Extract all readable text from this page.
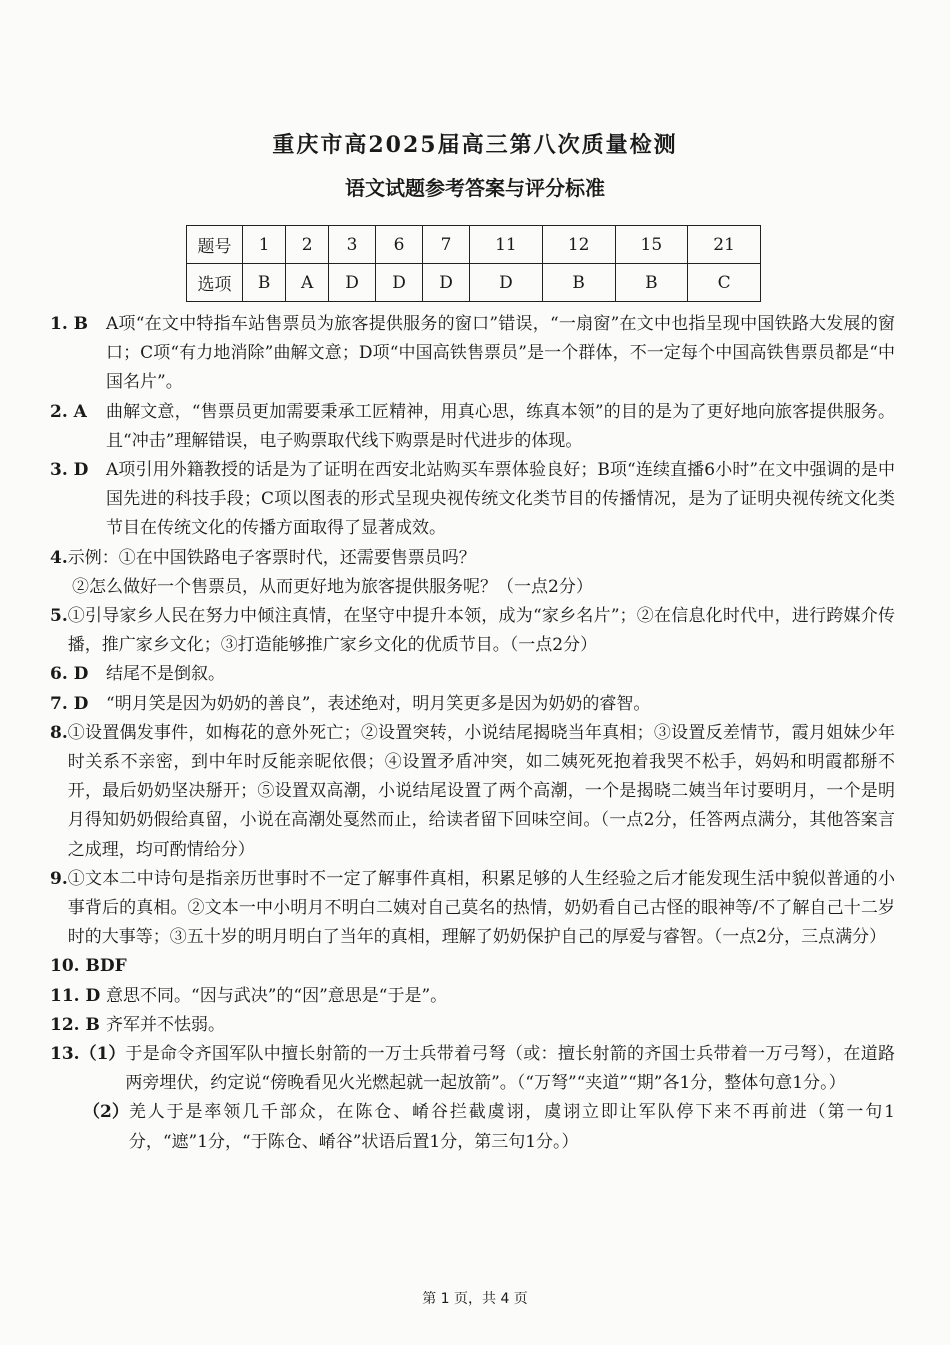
重庆市高2025届高三第八次质量检测
语文试题参考答案与评分标准
题号	1	2	3	6	7	11	12	15	21
选项	B	A	D	D	D	D	B	B	C
1. B	A项“在文中特指车站售票员为旅客提供服务的窗口”错误，“一扇窗”在文中也指呈现中国铁路大发展的窗口；C项“有力地消除”曲解文意；D项“中国高铁售票员”是一个群体，不一定每个中国高铁售票员都是“中国名片”。
2. A	曲解文意，“售票员更加需要秉承工匠精神，用真心思，练真本领”的目的是为了更好地向旅客提供服务。且“冲击”理解错误，电子购票取代线下购票是时代进步的体现。
3. D	A项引用外籍教授的话是为了证明在西安北站购买车票体验良好；B项“连续直播6小时”在文中强调的是中国先进的科技手段；C项以图表的形式呈现央视传统文化类节目的传播情况，是为了证明央视传统文化类节目在传统文化的传播方面取得了显著成效。
4. 示例：①在中国铁路电子客票时代，还需要售票员吗？
②怎么做好一个售票员，从而更好地为旅客提供服务呢？（一点2分）
5. ①引导家乡人民在努力中倾注真情，在坚守中提升本领，成为“家乡名片”；②在信息化时代中，进行跨媒介传播，推广家乡文化；③打造能够推广家乡文化的优质节目。（一点2分）
6. D	结尾不是倒叙。
7. D	“明月笑是因为奶奶的善良”，表述绝对，明月笑更多是因为奶奶的睿智。
8. ①设置偶发事件，如梅花的意外死亡；②设置突转，小说结尾揭晓当年真相；③设置反差情节，霞月姐妹少年时关系不亲密，到中年时反能亲昵依偎；④设置矛盾冲突，如二姨死死抱着我哭不松手，妈妈和明霞都掰不开，最后奶奶坚决掰开；⑤设置双高潮，小说结尾设置了两个高潮，一个是揭晓二姨当年讨要明月，一个是明月得知奶奶假给真留，小说在高潮处戛然而止，给读者留下回味空间。（一点2分，任答两点满分，其他答案言之成理，均可酌情给分）
9. ①文本二中诗句是指亲历世事时不一定了解事件真相，积累足够的人生经验之后才能发现生活中貌似普通的小事背后的真相。②文本一中小明月不明白二姨对自己莫名的热情，奶奶看自己古怪的眼神等/不了解自己十二岁时的大事等；③五十岁的明月明白了当年的真相，理解了奶奶保护自己的厚爱与睿智。（一点2分，三点满分）
10. BDF
11. D 意思不同。“因与武决”的“因”意思是“于是”。
12. B 齐军并不怯弱。
13. （1） 于是命令齐国军队中擅长射箭的一万士兵带着弓弩（或：擅长射箭的齐国士兵带着一万弓弩），在道路两旁埋伏，约定说“傍晚看见火光燃起就一起放箭”。（“万弩”“夹道”“期”各1分，整体句意1分。）
（2） 羌人于是率领几千部众，在陈仓、崤谷拦截虞诩，虞诩立即让军队停下来不再前进（第一句1分，“遮”1分，“于陈仓、崤谷”状语后置1分，第三句1分。）
第 1 页，共 4 页
